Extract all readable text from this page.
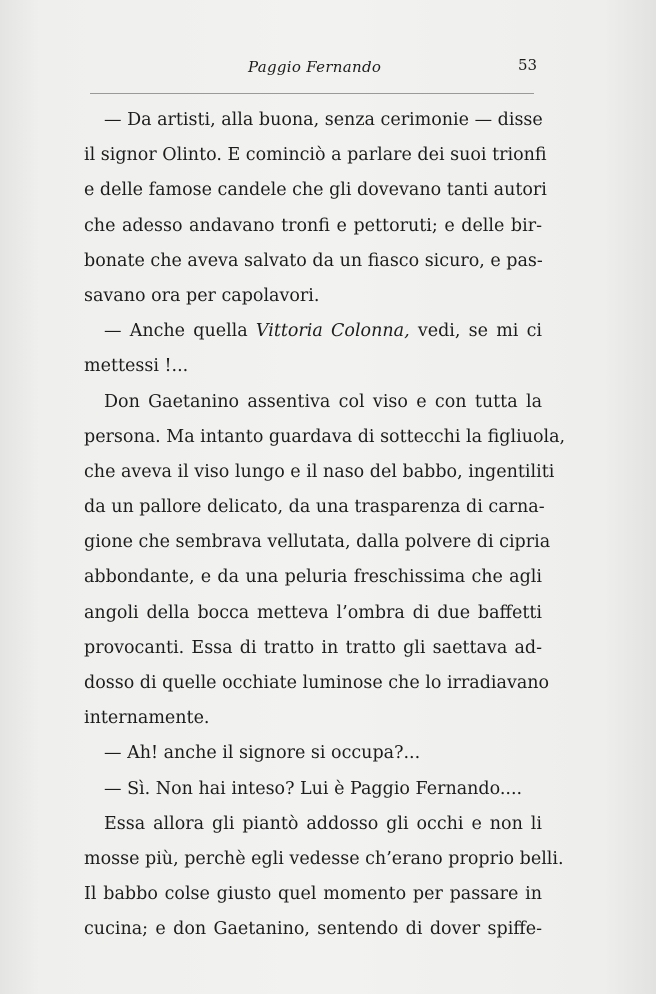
Paggio Fernando	53
— Da artisti, alla buona, senza cerimonie — disse
il signor Olinto. E cominciò a parlare dei suoi trionfi
e delle famose candele che gli dovevano tanti autori
che adesso andavano tronfi e pettoruti; e delle bir-
bonate che aveva salvato da un fiasco sicuro, e pas-
savano ora per capolavori.
— Anche quella Vittoria Colonna, vedi, se mi ci
mettessi !...
Don Gaetanino assentiva col viso e con tutta la
persona. Ma intanto guardava di sottecchi la figliuola,
che aveva il viso lungo e il naso del babbo, ingentiliti
da un pallore delicato, da una trasparenza di carna-
gione che sembrava vellutata, dalla polvere di cipria
abbondante, e da una peluria freschissima che agli
angoli della bocca metteva l’ombra di due baffetti
provocanti. Essa di tratto in tratto gli saettava ad-
dosso di quelle occhiate luminose che lo irradiavano
internamente.
— Ah! anche il signore si occupa?...
— Sì. Non hai inteso? Lui è Paggio Fernando....
Essa allora gli piantò addosso gli occhi e non li
mosse più, perchè egli vedesse ch’erano proprio belli.
Il babbo colse giusto quel momento per passare in
cucina; e don Gaetanino, sentendo di dover spiffe-
